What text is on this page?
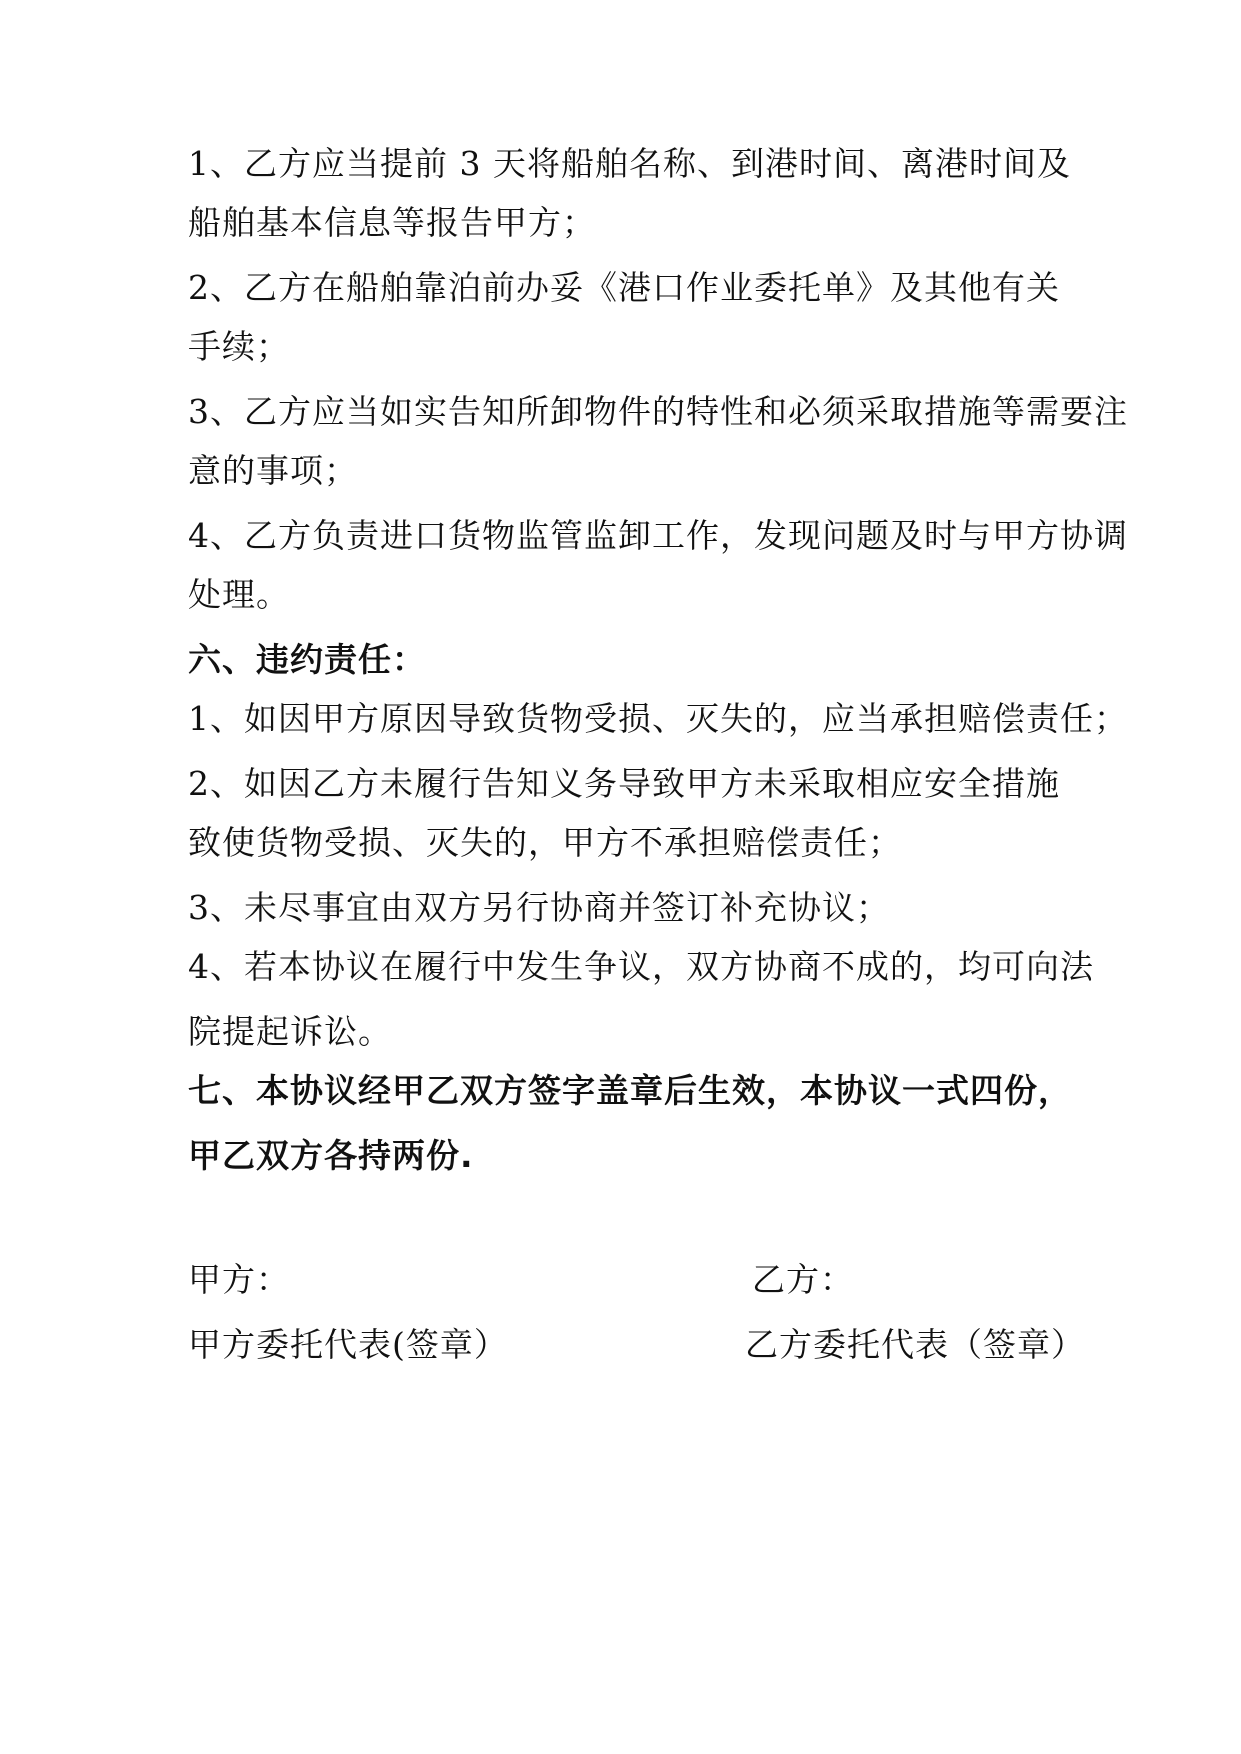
1、乙方应当提前 3 天将船舶名称、到港时间、离港时间及
船舶基本信息等报告甲方；
2、乙方在船舶靠泊前办妥《港口作业委托单》及其他有关
手续；
3、乙方应当如实告知所卸物件的特性和必须采取措施等需要注
意的事项；
4、乙方负责进口货物监管监卸工作，发现问题及时与甲方协调
处理。
六、违约责任：
1、如因甲方原因导致货物受损、灭失的，应当承担赔偿责任；
2、如因乙方未履行告知义务导致甲方未采取相应安全措施
致使货物受损、灭失的，甲方不承担赔偿责任；
3、未尽事宜由双方另行协商并签订补充协议；
4、若本协议在履行中发生争议，双方协商不成的，均可向法
院提起诉讼。
七、本协议经甲乙双方签字盖章后生效，本协议一式四份，
甲乙双方各持两份.
甲方：	乙方：
甲方委托代表(签章）	乙方委托代表（签章）
